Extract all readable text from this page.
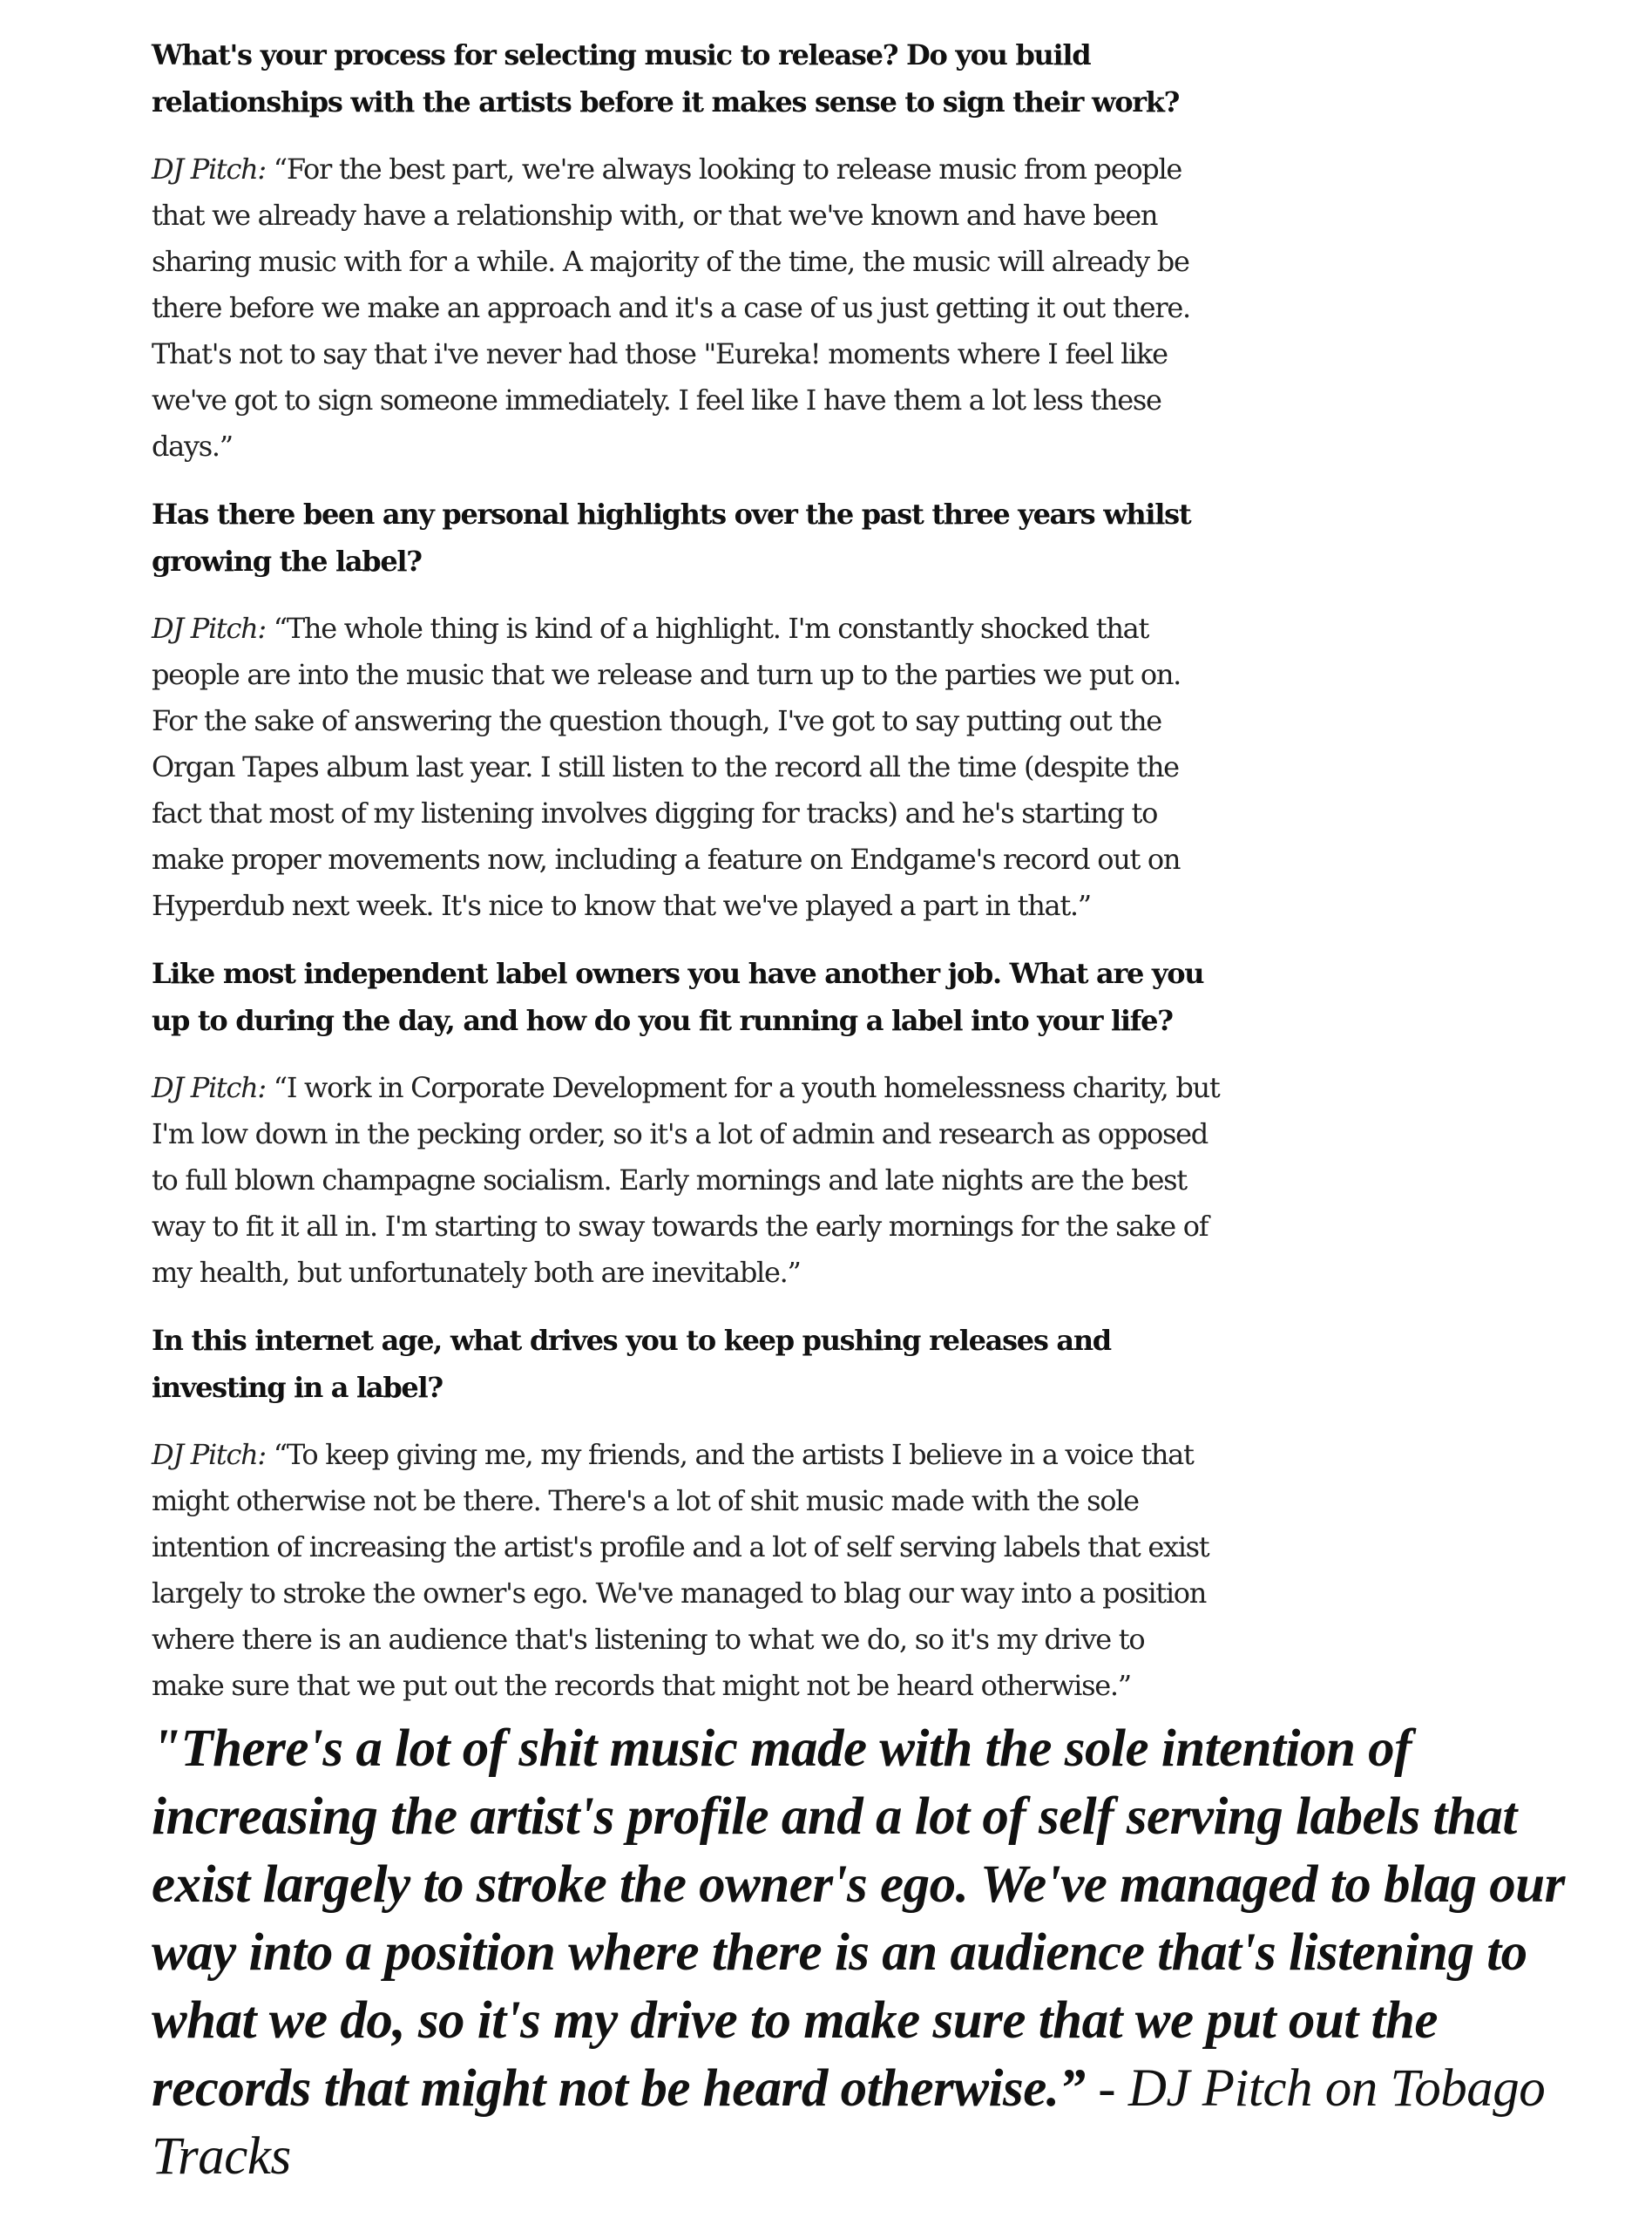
What's your process for selecting music to release? Do you build relationships with the artists before it makes sense to sign their work?

DJ Pitch: “For the best part, we're always looking to release music from people that we already have a relationship with, or that we've known and have been sharing music with for a while. A majority of the time, the music will already be there before we make an approach and it's a case of us just getting it out there. That's not to say that i've never had those "Eureka! moments where I feel like we've got to sign someone immediately. I feel like I have them a lot less these days.”

Has there been any personal highlights over the past three years whilst growing the label?

DJ Pitch: “The whole thing is kind of a highlight. I'm constantly shocked that people are into the music that we release and turn up to the parties we put on. For the sake of answering the question though, I've got to say putting out the Organ Tapes album last year. I still listen to the record all the time (despite the fact that most of my listening involves digging for tracks) and he's starting to make proper movements now, including a feature on Endgame's record out on Hyperdub next week. It's nice to know that we've played a part in that.”

Like most independent label owners you have another job. What are you up to during the day, and how do you fit running a label into your life?

DJ Pitch: “I work in Corporate Development for a youth homelessness charity, but I'm low down in the pecking order, so it's a lot of admin and research as opposed to full blown champagne socialism. Early mornings and late nights are the best way to fit it all in. I'm starting to sway towards the early mornings for the sake of my health, but unfortunately both are inevitable.”

In this internet age, what drives you to keep pushing releases and investing in a label?

DJ Pitch: “To keep giving me, my friends, and the artists I believe in a voice that might otherwise not be there. There's a lot of shit music made with the sole intention of increasing the artist's profile and a lot of self serving labels that exist largely to stroke the owner's ego. We've managed to blag our way into a position where there is an audience that's listening to what we do, so it's my drive to make sure that we put out the records that might not be heard otherwise.”

"There's a lot of shit music made with the sole intention of increasing the artist's profile and a lot of self serving labels that exist largely to stroke the owner's ego. We've managed to blag our way into a position where there is an audience that's listening to what we do, so it's my drive to make sure that we put out the records that might not be heard otherwise.” - DJ Pitch on Tobago Tracks
